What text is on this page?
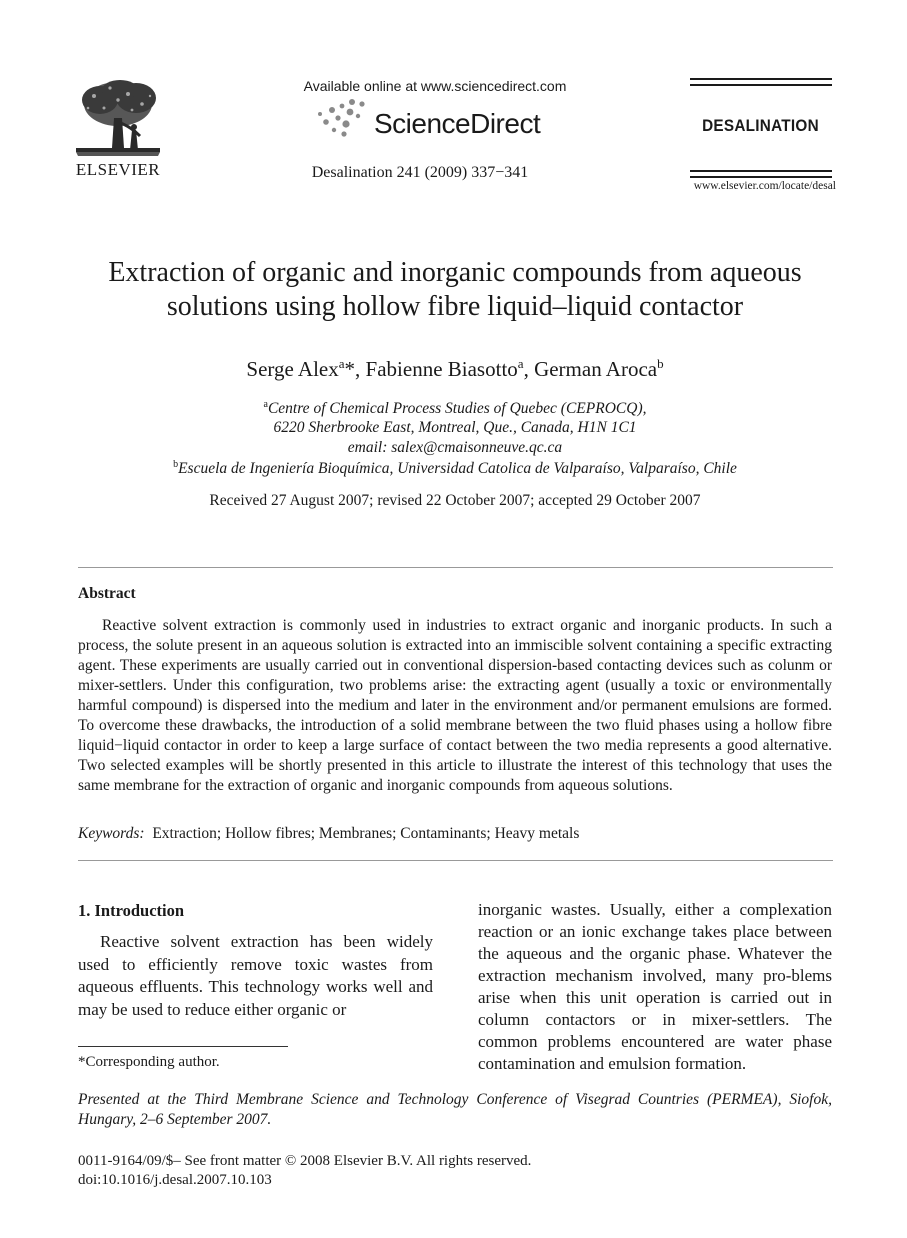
ELSEVIER
Available online at www.sciencedirect.com
ScienceDirect
Desalination 241 (2009) 337−341
DESALINATION
www.elsevier.com/locate/desal
Extraction of organic and inorganic compounds from aqueous
solutions using hollow fibre liquid–liquid contactor
Serge Alex$^a$*, Fabienne Biasotto$^a$, German Aroca$^b$
$^a$Centre of Chemical Process Studies of Quebec (CEPROCQ),
6220 Sherbrooke East, Montreal, Que., Canada, H1N 1C1
email: salex@cmaisonneuve.qc.ca
$^b$Escuela de Ingeniería Bioquímica, Universidad Catolica de Valparaíso, Valparaíso, Chile
Received 27 August 2007; revised 22 October 2007; accepted 29 October 2007
Abstract
Reactive solvent extraction is commonly used in industries to extract organic and inorganic products. In such a process, the solute present in an aqueous solution is extracted into an immiscible solvent containing a specific extracting agent. These experiments are usually carried out in conventional dispersion-based contacting devices such as colunm or mixer-settlers. Under this configuration, two problems arise: the extracting agent (usually a toxic or environmentally harmful compound) is dispersed into the medium and later in the environment and/or permanent emulsions are formed. To overcome these drawbacks, the introduction of a solid membrane between the two fluid phases using a hollow fibre liquid−liquid contactor in order to keep a large surface of contact between the two media represents a good alternative. Two selected examples will be shortly presented in this article to illustrate the interest of this technology that uses the same membrane for the extraction of organic and inorganic compounds from aqueous solutions.
Keywords: Extraction; Hollow fibres; Membranes; Contaminants; Heavy metals
1. Introduction
Reactive solvent extraction has been widely used to efficiently remove toxic wastes from aqueous effluents. This technology works well and may be used to reduce either organic or
inorganic wastes. Usually, either a complexation reaction or an ionic exchange takes place between the aqueous and the organic phase. Whatever the extraction mechanism involved, many pro-blems arise when this unit operation is carried out in column contactors or in mixer-settlers. The common problems encountered are water phase contamination and emulsion formation.
*Corresponding author.
Presented at the Third Membrane Science and Technology Conference of Visegrad Countries (PERMEA), Siofok, Hungary, 2–6 September 2007.
0011-9164/09/$– See front matter © 2008 Elsevier B.V. All rights reserved.
doi:10.1016/j.desal.2007.10.103
